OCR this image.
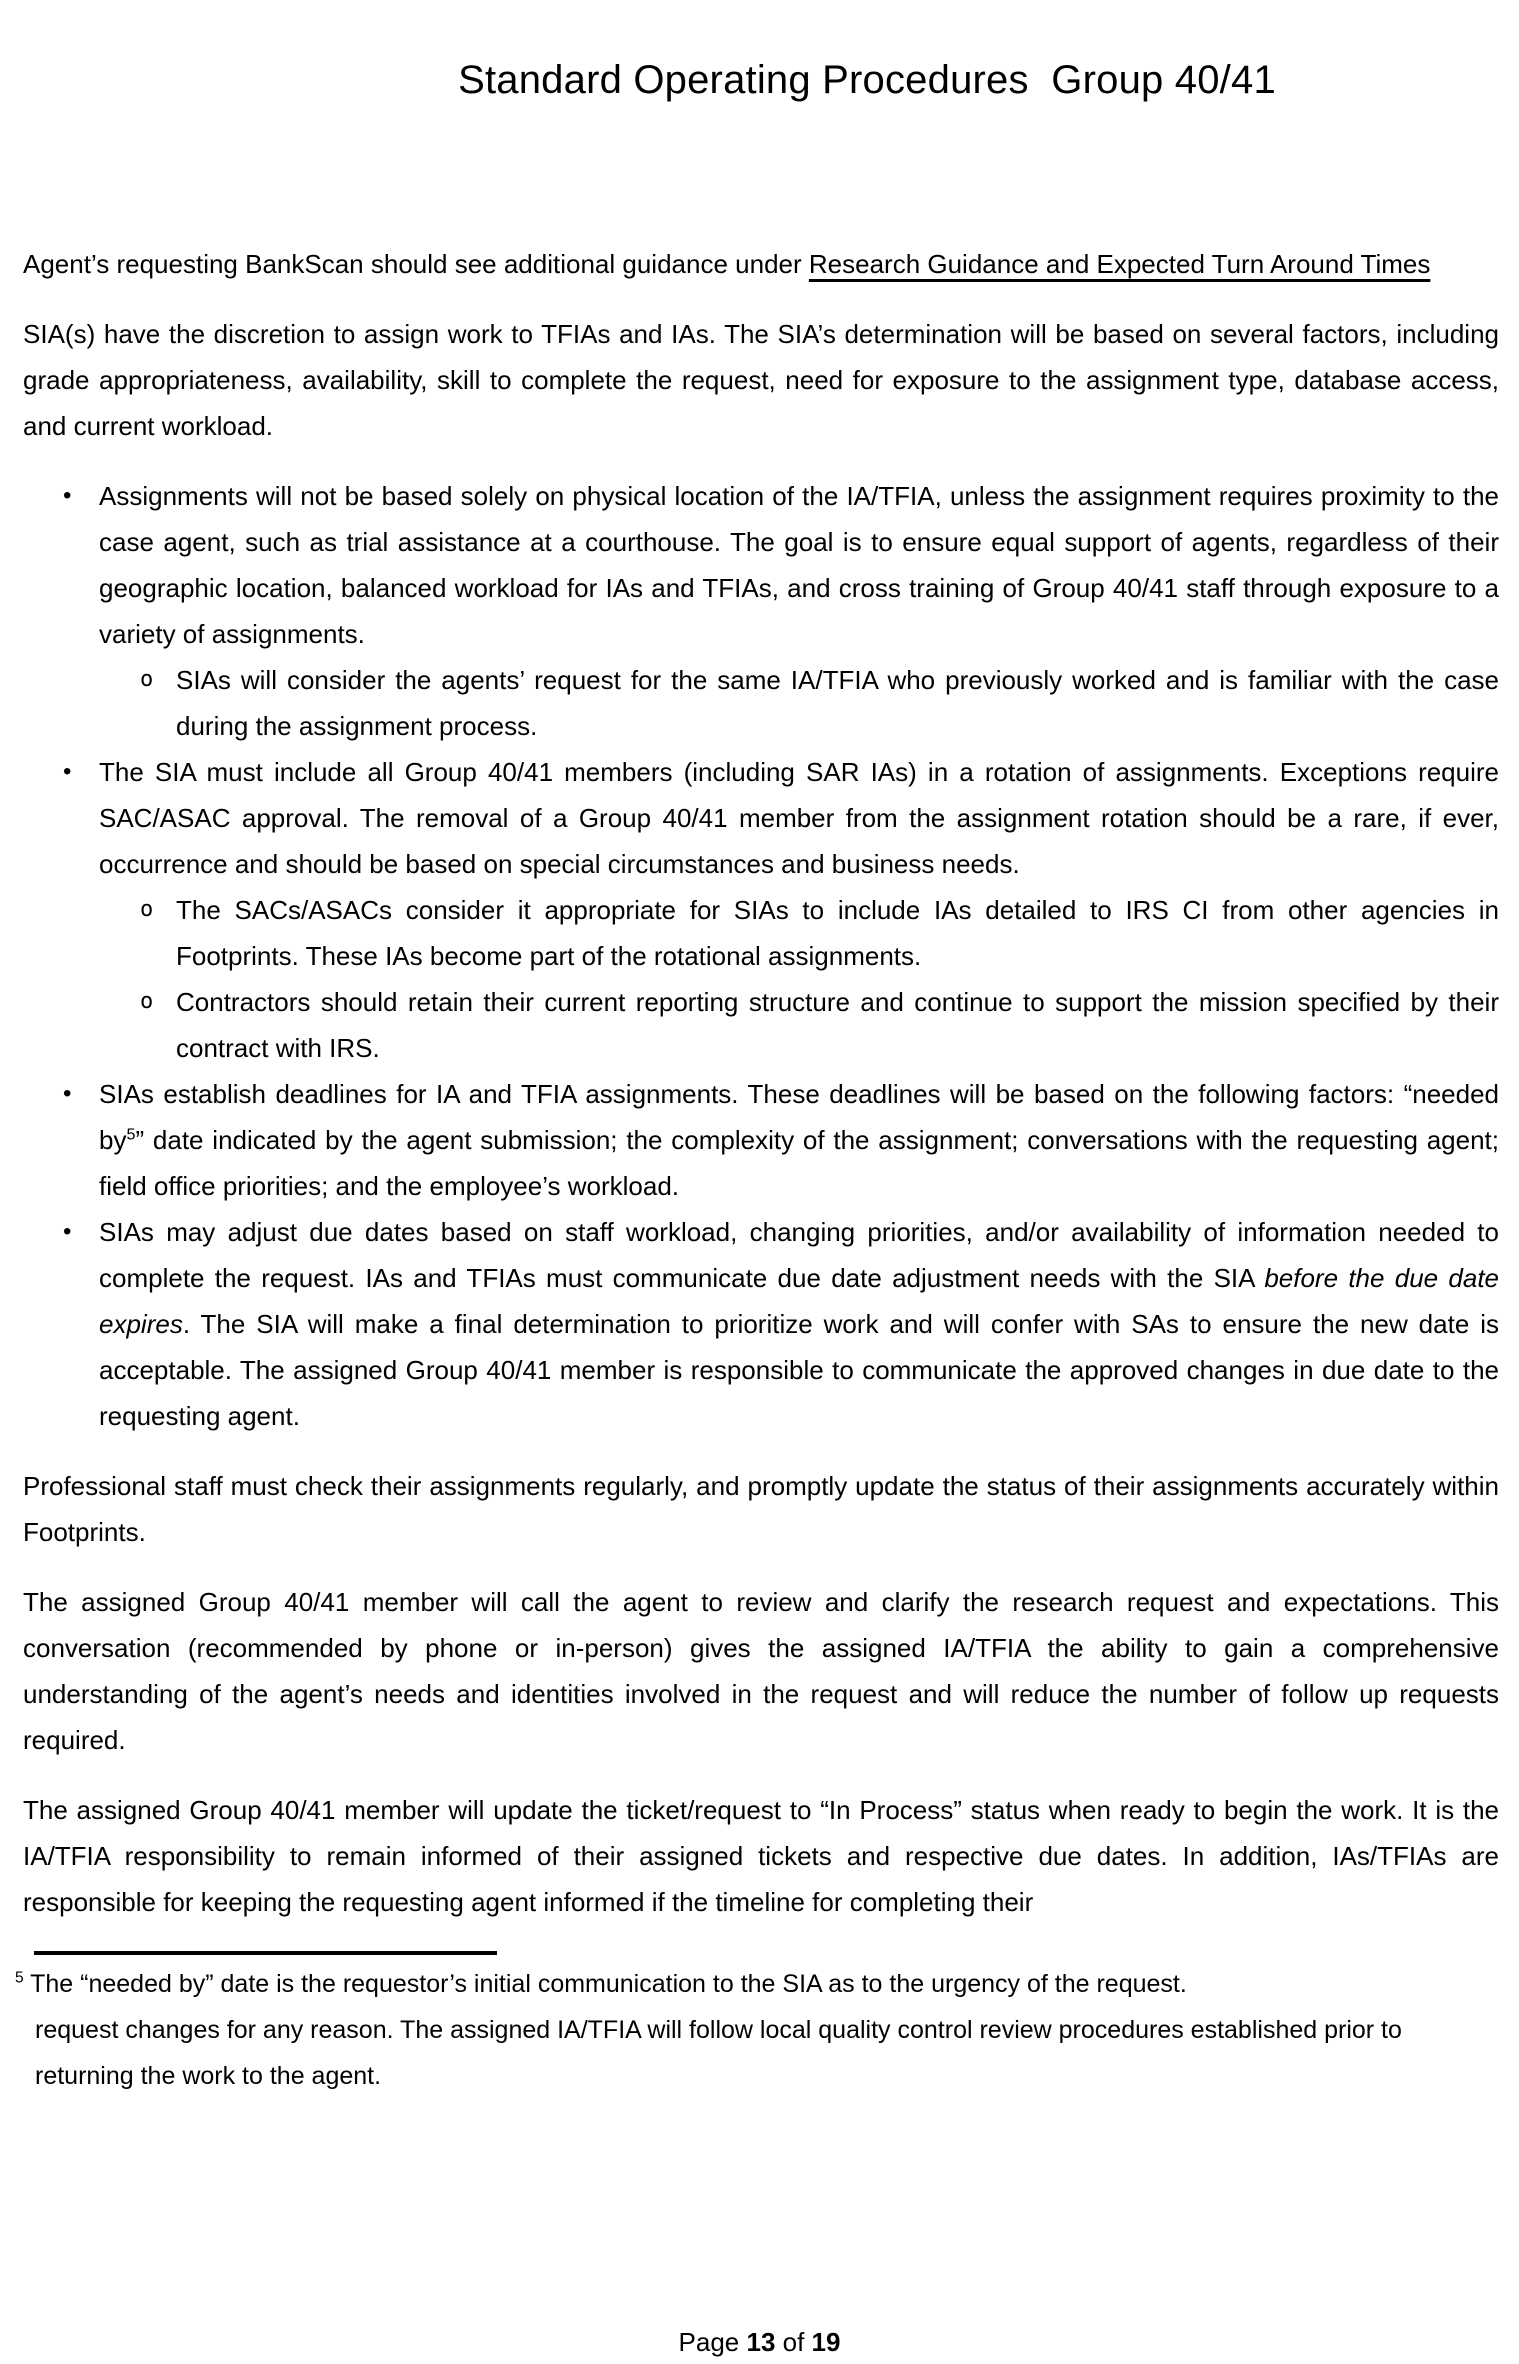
Standard Operating Procedures  Group 40/41

Agent’s requesting BankScan should see additional guidance under Research Guidance and Expected Turn Around Times

SIA(s) have the discretion to assign work to TFIAs and IAs. The SIA’s determination will be based on several factors, including grade appropriateness, availability, skill to complete the request, need for exposure to the assignment type, database access, and current workload.

•	Assignments will not be based solely on physical location of the IA/TFIA, unless the assignment requires proximity to the case agent, such as trial assistance at a courthouse. The goal is to ensure equal support of agents, regardless of their geographic location, balanced workload for IAs and TFIAs, and cross training of Group 40/41 staff through exposure to a variety of assignments.
o SIAs will consider the agents’ request for the same IA/TFIA who previously worked and is familiar with the case during the assignment process.
•	The SIA must include all Group 40/41 members (including SAR IAs) in a rotation of assignments. Exceptions require SAC/ASAC approval. The removal of a Group 40/41 member from the assignment rotation should be a rare, if ever, occurrence and should be based on special circumstances and business needs.
o The SACs/ASACs consider it appropriate for SIAs to include IAs detailed to IRS CI from other agencies in Footprints. These IAs become part of the rotational assignments.
o Contractors should retain their current reporting structure and continue to support the mission specified by their contract with IRS.
•	SIAs establish deadlines for IA and TFIA assignments. These deadlines will be based on the following factors: “needed $by^5$” date indicated by the agent submission; the complexity of the assignment; conversations with the requesting agent; field office priorities; and the employee’s workload.
•	SIAs may adjust due dates based on staff workload, changing priorities, and/or availability of information needed to complete the request. IAs and TFIAs must communicate due date adjustment needs with the SIA before the due date expires. The SIA will make a final determination to prioritize work and will confer with SAs to ensure the new date is acceptable. The assigned Group 40/41 member is responsible to communicate the approved changes in due date to the requesting agent.

Professional staff must check their assignments regularly, and promptly update the status of their assignments accurately within Footprints.

The assigned Group 40/41 member will call the agent to review and clarify the research request and expectations. This conversation (recommended by phone or in-person) gives the assigned IA/TFIA the ability to gain a comprehensive understanding of the agent’s needs and identities involved in the request and will reduce the number of follow up requests required.

The assigned Group 40/41 member will update the ticket/request to “In Process” status when ready to begin the work. It is the IA/TFIA responsibility to remain informed of their assigned tickets and respective due dates. In addition, IAs/TFIAs are responsible for keeping the requesting agent informed if the timeline for completing their

$^5$ The “needed by” date is the requestor’s initial communication to the SIA as to the urgency of the request.

request changes for any reason. The assigned IA/TFIA will follow local quality control review procedures established prior to returning the work to the agent.

Page 13 of 19
